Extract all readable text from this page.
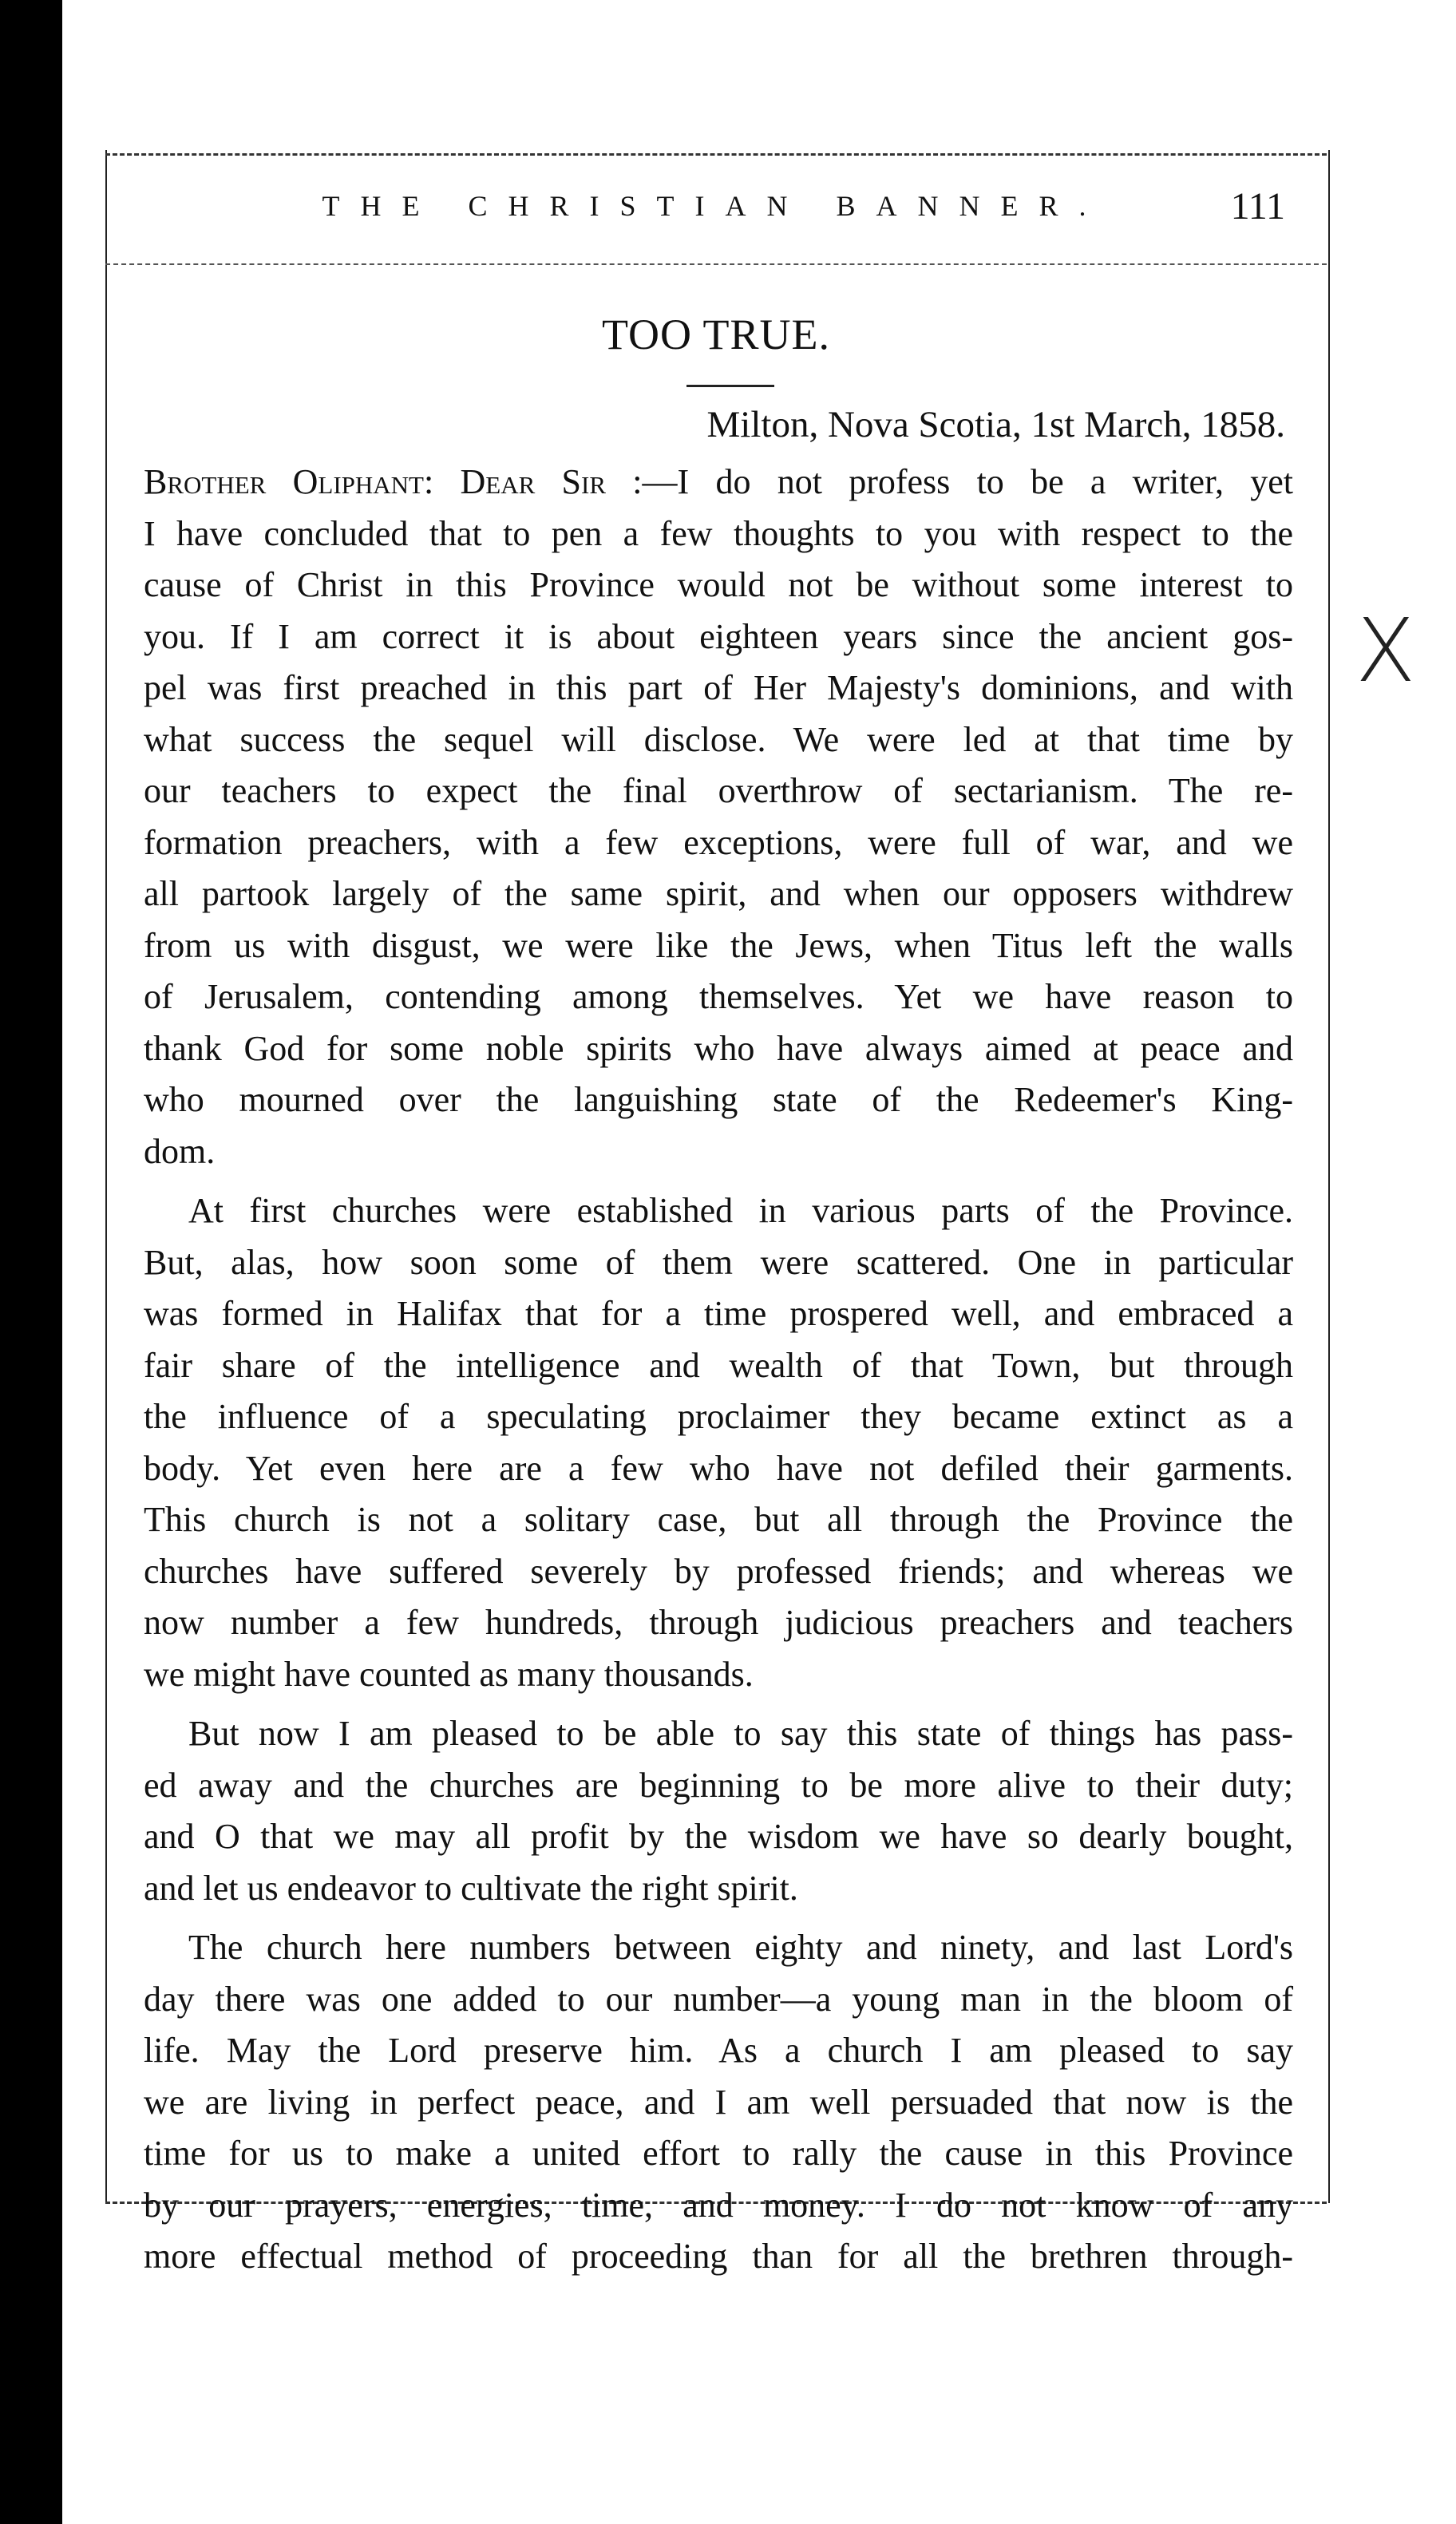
THE CHRISTIAN BANNER.	111
TOO TRUE.
Milton, Nova Scotia, 1st March, 1858.
Brother Oliphant: Dear Sir :—I do not profess to be a writer, yet
I have concluded that to pen a few thoughts to you with respect to the
cause of Christ in this Province would not be without some interest to
you. If I am correct it is about eighteen years since the ancient gos-
pel was first preached in this part of Her Majesty's dominions, and with
what success the sequel will disclose. We were led at that time by
our teachers to expect the final overthrow of sectarianism. The re-
formation preachers, with a few exceptions, were full of war, and we
all partook largely of the same spirit, and when our opposers withdrew
from us with disgust, we were like the Jews, when Titus left the walls
of Jerusalem, contending among themselves. Yet we have reason to
thank God for some noble spirits who have always aimed at peace and
who mourned over the languishing state of the Redeemer's King-
dom.
At first churches were established in various parts of the Province.
But, alas, how soon some of them were scattered. One in particular
was formed in Halifax that for a time prospered well, and embraced a
fair share of the intelligence and wealth of that Town, but through
the influence of a speculating proclaimer they became extinct as a
body. Yet even here are a few who have not defiled their garments.
This church is not a solitary case, but all through the Province the
churches have suffered severely by professed friends; and whereas we
now number a few hundreds, through judicious preachers and teachers
we might have counted as many thousands.
But now I am pleased to be able to say this state of things has pass-
ed away and the churches are beginning to be more alive to their duty;
and O that we may all profit by the wisdom we have so dearly bought,
and let us endeavor to cultivate the right spirit.
The church here numbers between eighty and ninety, and last Lord's
day there was one added to our number—a young man in the bloom of
life. May the Lord preserve him. As a church I am pleased to say
we are living in perfect peace, and I am well persuaded that now is the
time for us to make a united effort to rally the cause in this Province
by our prayers, energies, time, and money. I do not know of any
more effectual method of proceeding than for all the brethren through-
X
